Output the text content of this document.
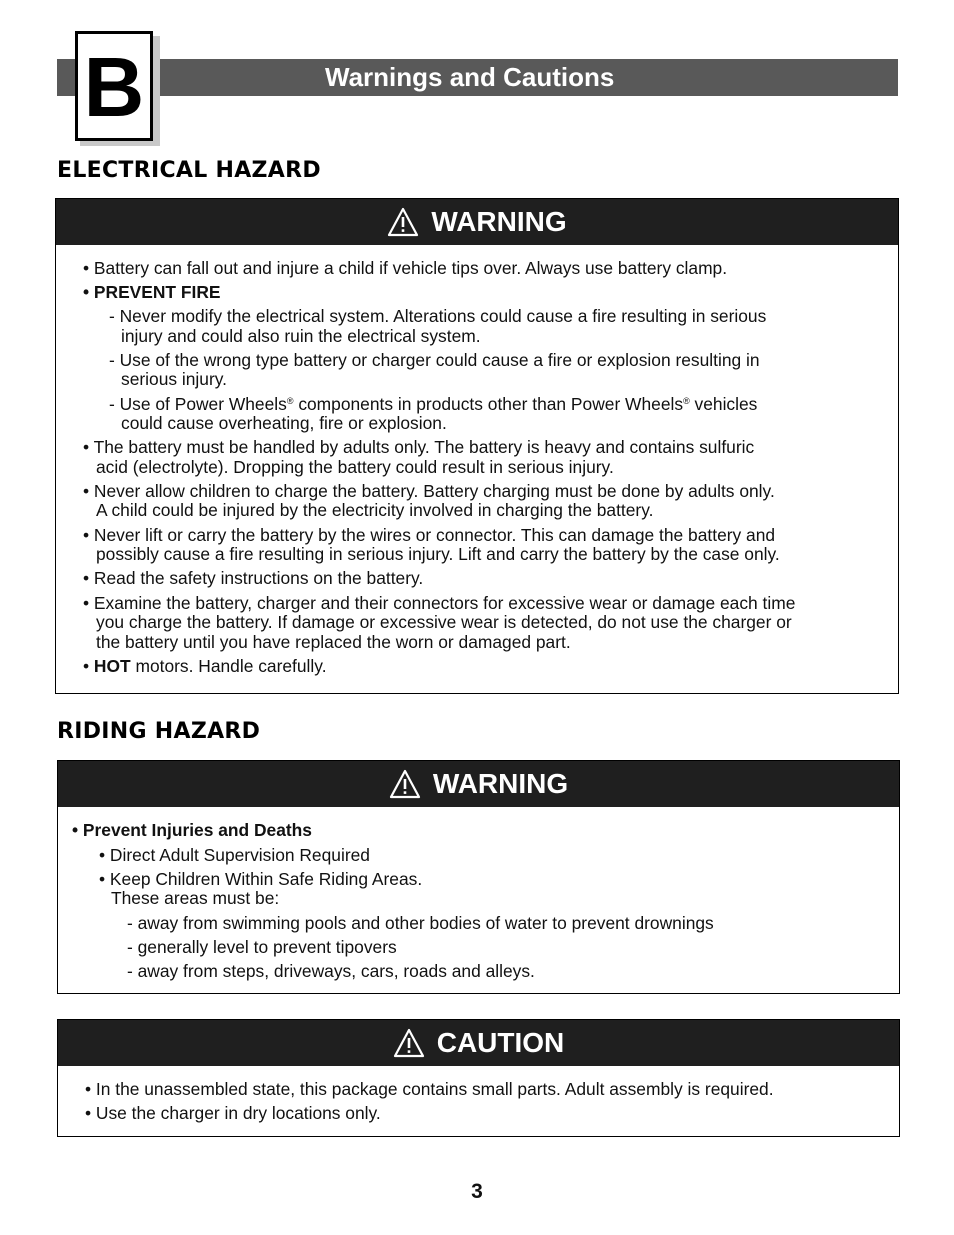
Warnings and Cautions
B
ELECTRICAL HAZARD
WARNING
• Battery can fall out and injure a child if vehicle tips over. Always use battery clamp.
• PREVENT FIRE
- Never modify the electrical system. Alterations could cause a fire resulting in serious
injury and could also ruin the electrical system.
- Use of the wrong type battery or charger could cause a fire or explosion resulting in
serious injury.
- Use of Power Wheels® components in products other than Power Wheels® vehicles
could cause overheating, fire or explosion.
• The battery must be handled by adults only. The battery is heavy and contains sulfuric
acid (electrolyte). Dropping the battery could result in serious injury.
• Never allow children to charge the battery. Battery charging must be done by adults only.
A child could be injured by the electricity involved in charging the battery.
• Never lift or carry the battery by the wires or connector. This can damage the battery and
possibly cause a fire resulting in serious injury. Lift and carry the battery by the case only.
• Read the safety instructions on the battery.
• Examine the battery, charger and their connectors for excessive wear or damage each time
you charge the battery. If damage or excessive wear is detected, do not use the charger or
the battery until you have replaced the worn or damaged part.
• HOT motors. Handle carefully.
RIDING HAZARD
WARNING
• Prevent Injuries and Deaths
• Direct Adult Supervision Required
• Keep Children Within Safe Riding Areas.
These areas must be:
- away from swimming pools and other bodies of water to prevent drownings
- generally level to prevent tipovers
- away from steps, driveways, cars, roads and alleys.
CAUTION
• In the unassembled state, this package contains small parts. Adult assembly is required.
• Use the charger in dry locations only.
3
